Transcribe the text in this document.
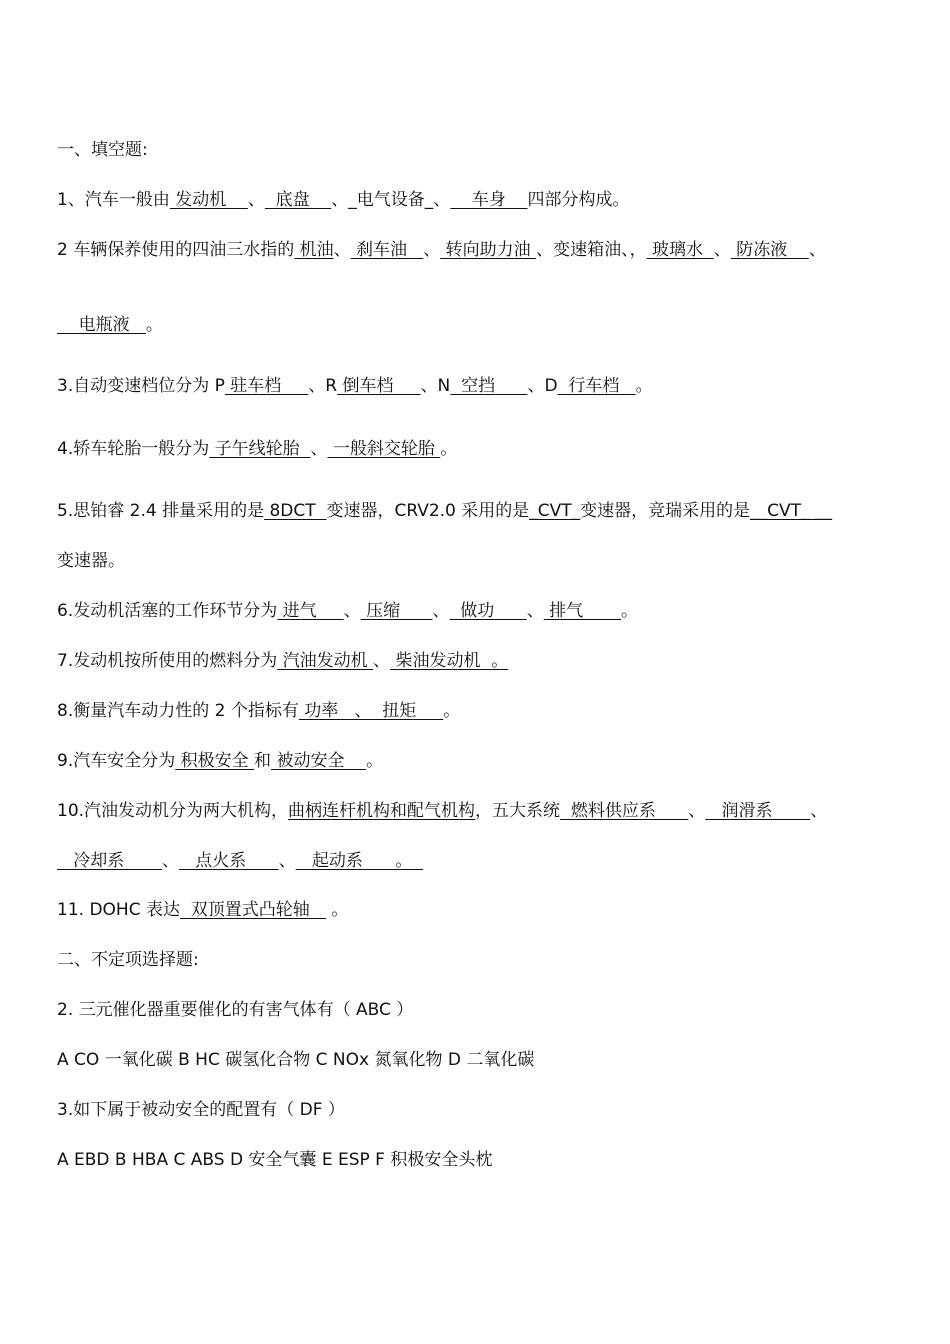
一、填空题:
1、汽车一般由 发动机    、  底盘    、_电气设备_、    车身    四部分构成。
2 车辆保养使用的四油三水指的 机油、 刹车油   、 转向助力油 、变速箱油、， 玻璃水  、 防冻液    、
电瓶液   。
3.自动变速档位分为 P 驻车档     、R 倒车档     、N  空挡      、D  行车档   。
4.轿车轮胎一般分为 子午线轮胎  、 一般斜交轮胎 。
5.思铂睿 2.4 排量采用的是 8DCT  变速器，CRV2.0 采用的是_CVT_变速器，竞瑞采用的是__CVT_ __
变速器。
6.发动机活塞的工作环节分为 进气     、 压缩      、  做功      、 排气       。
7.发动机按所使用的燃料分为 汽油发动机 、 柴油发动机  。
8.衡量汽车动力性的 2 个指标有 功率   、  扭矩     。
9.汽车安全分为 积极安全 和 被动安全    。
10.汽油发动机分为两大机构，曲柄连杆机构和配气机构，五大系统  燃料供应系      、   润滑系       、
冷却系       、   点火系      、   起动系      。
11. DOHC 表达  双顶置式凸轮轴    。
二、不定项选择题:
2. 三元催化器重要催化的有害气体有（ ABC ）
A CO 一氧化碳 B HC 碳氢化合物 C NOx 氮氧化物 D 二氧化碳
3.如下属于被动安全的配置有（ DF ）
A EBD B HBA C ABS D 安全气囊 E ESP F 积极安全头枕
